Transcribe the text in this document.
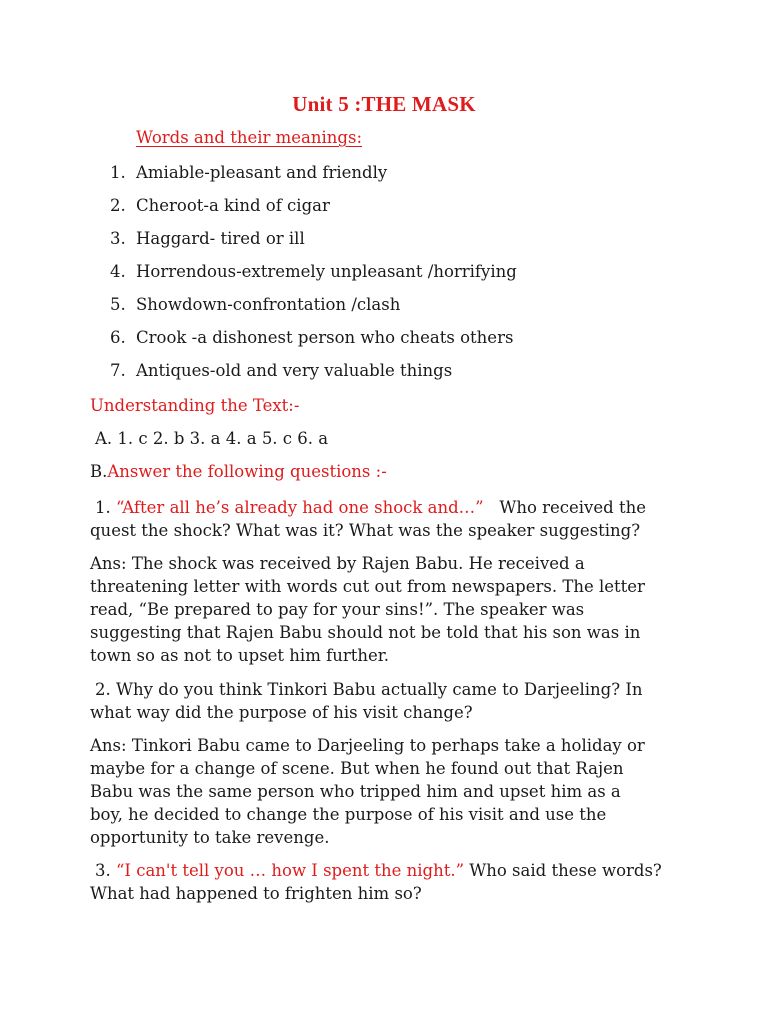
Unit 5 :THE MASK
Words and their meanings:
1. Amiable-pleasant and friendly
2. Cheroot-a kind of cigar
3. Haggard- tired or ill
4. Horrendous-extremely unpleasant /horrifying
5. Showdown-confrontation /clash
6. Crook -a dishonest person who cheats others
7. Antiques-old and very valuable things
Understanding the Text:-
A. 1. c 2. b 3. a 4. a 5. c 6. a
B.Answer the following questions :-
1. “After all he’s already had one shock and…” Who received the
quest the shock? What was it? What was the speaker suggesting?
Ans: The shock was received by Rajen Babu. He received a
threatening letter with words cut out from newspapers. The letter
read, “Be prepared to pay for your sins!”. The speaker was
suggesting that Rajen Babu should not be told that his son was in
town so as not to upset him further.
2. Why do you think Tinkori Babu actually came to Darjeeling? In
what way did the purpose of his visit change?
Ans: Tinkori Babu came to Darjeeling to perhaps take a holiday or
maybe for a change of scene. But when he found out that Rajen
Babu was the same person who tripped him and upset him as a
boy, he decided to change the purpose of his visit and use the
opportunity to take revenge.
3. “I can't tell you … how I spent the night.” Who said these words?
What had happened to frighten him so?
